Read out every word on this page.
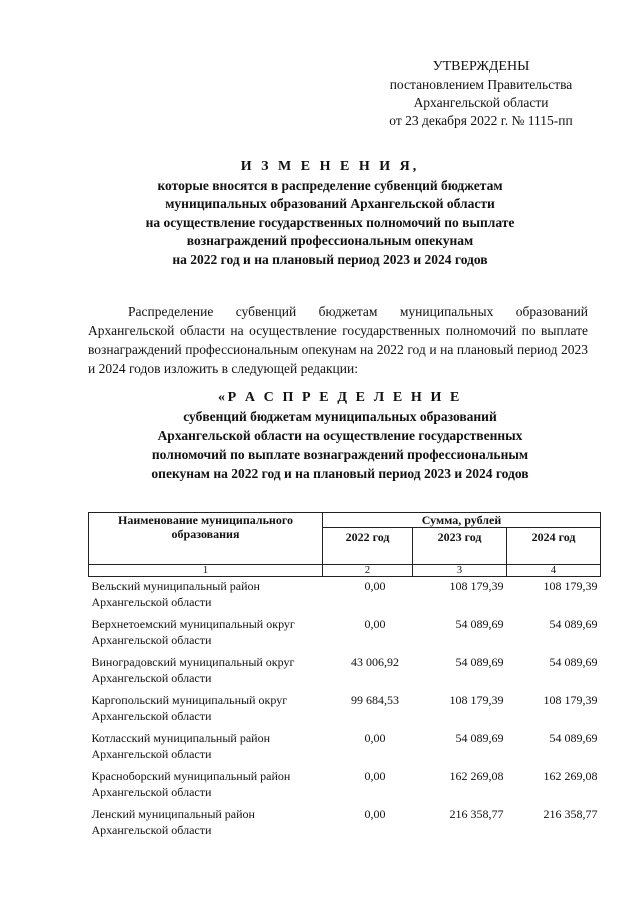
УТВЕРЖДЕНЫ
постановлением Правительства
Архангельской области
от 23 декабря 2022 г. № 1115-пп
И З М Е Н Е Н И Я,
которые вносятся в распределение субвенций бюджетам
муниципальных образований Архангельской области
на осуществление государственных полномочий по выплате
вознаграждений профессиональным опекунам
на 2022 год и на плановый период 2023 и 2024 годов
Распределение субвенций бюджетам муниципальных образований Архангельской области на осуществление государственных полномочий по выплате вознаграждений профессиональным опекунам на 2022 год и на плановый период 2023 и 2024 годов изложить в следующей редакции:
«Р А С П Р Е Д Е Л Е Н И Е
субвенций бюджетам муниципальных образований
Архангельской области на осуществление государственных
полномочий по выплате вознаграждений профессиональным
опекунам на 2022 год и на плановый период 2023 и 2024 годов
Наименование муниципального образования	Сумма, рублей		
	2022 год	2023 год	2024 год
1	2	3	4
Вельский муниципальный район Архангельской области	0,00	108 179,39	108 179,39
Верхнетоемский муниципальный округ Архангельской области	0,00	54 089,69	54 089,69
Виноградовский муниципальный округ Архангельской области	43 006,92	54 089,69	54 089,69
Каргопольский муниципальный округ Архангельской области	99 684,53	108 179,39	108 179,39
Котласский муниципальный район Архангельской области	0,00	54 089,69	54 089,69
Красноборский муниципальный район Архангельской области	0,00	162 269,08	162 269,08
Ленский муниципальный район Архангельской области	0,00	216 358,77	216 358,77
